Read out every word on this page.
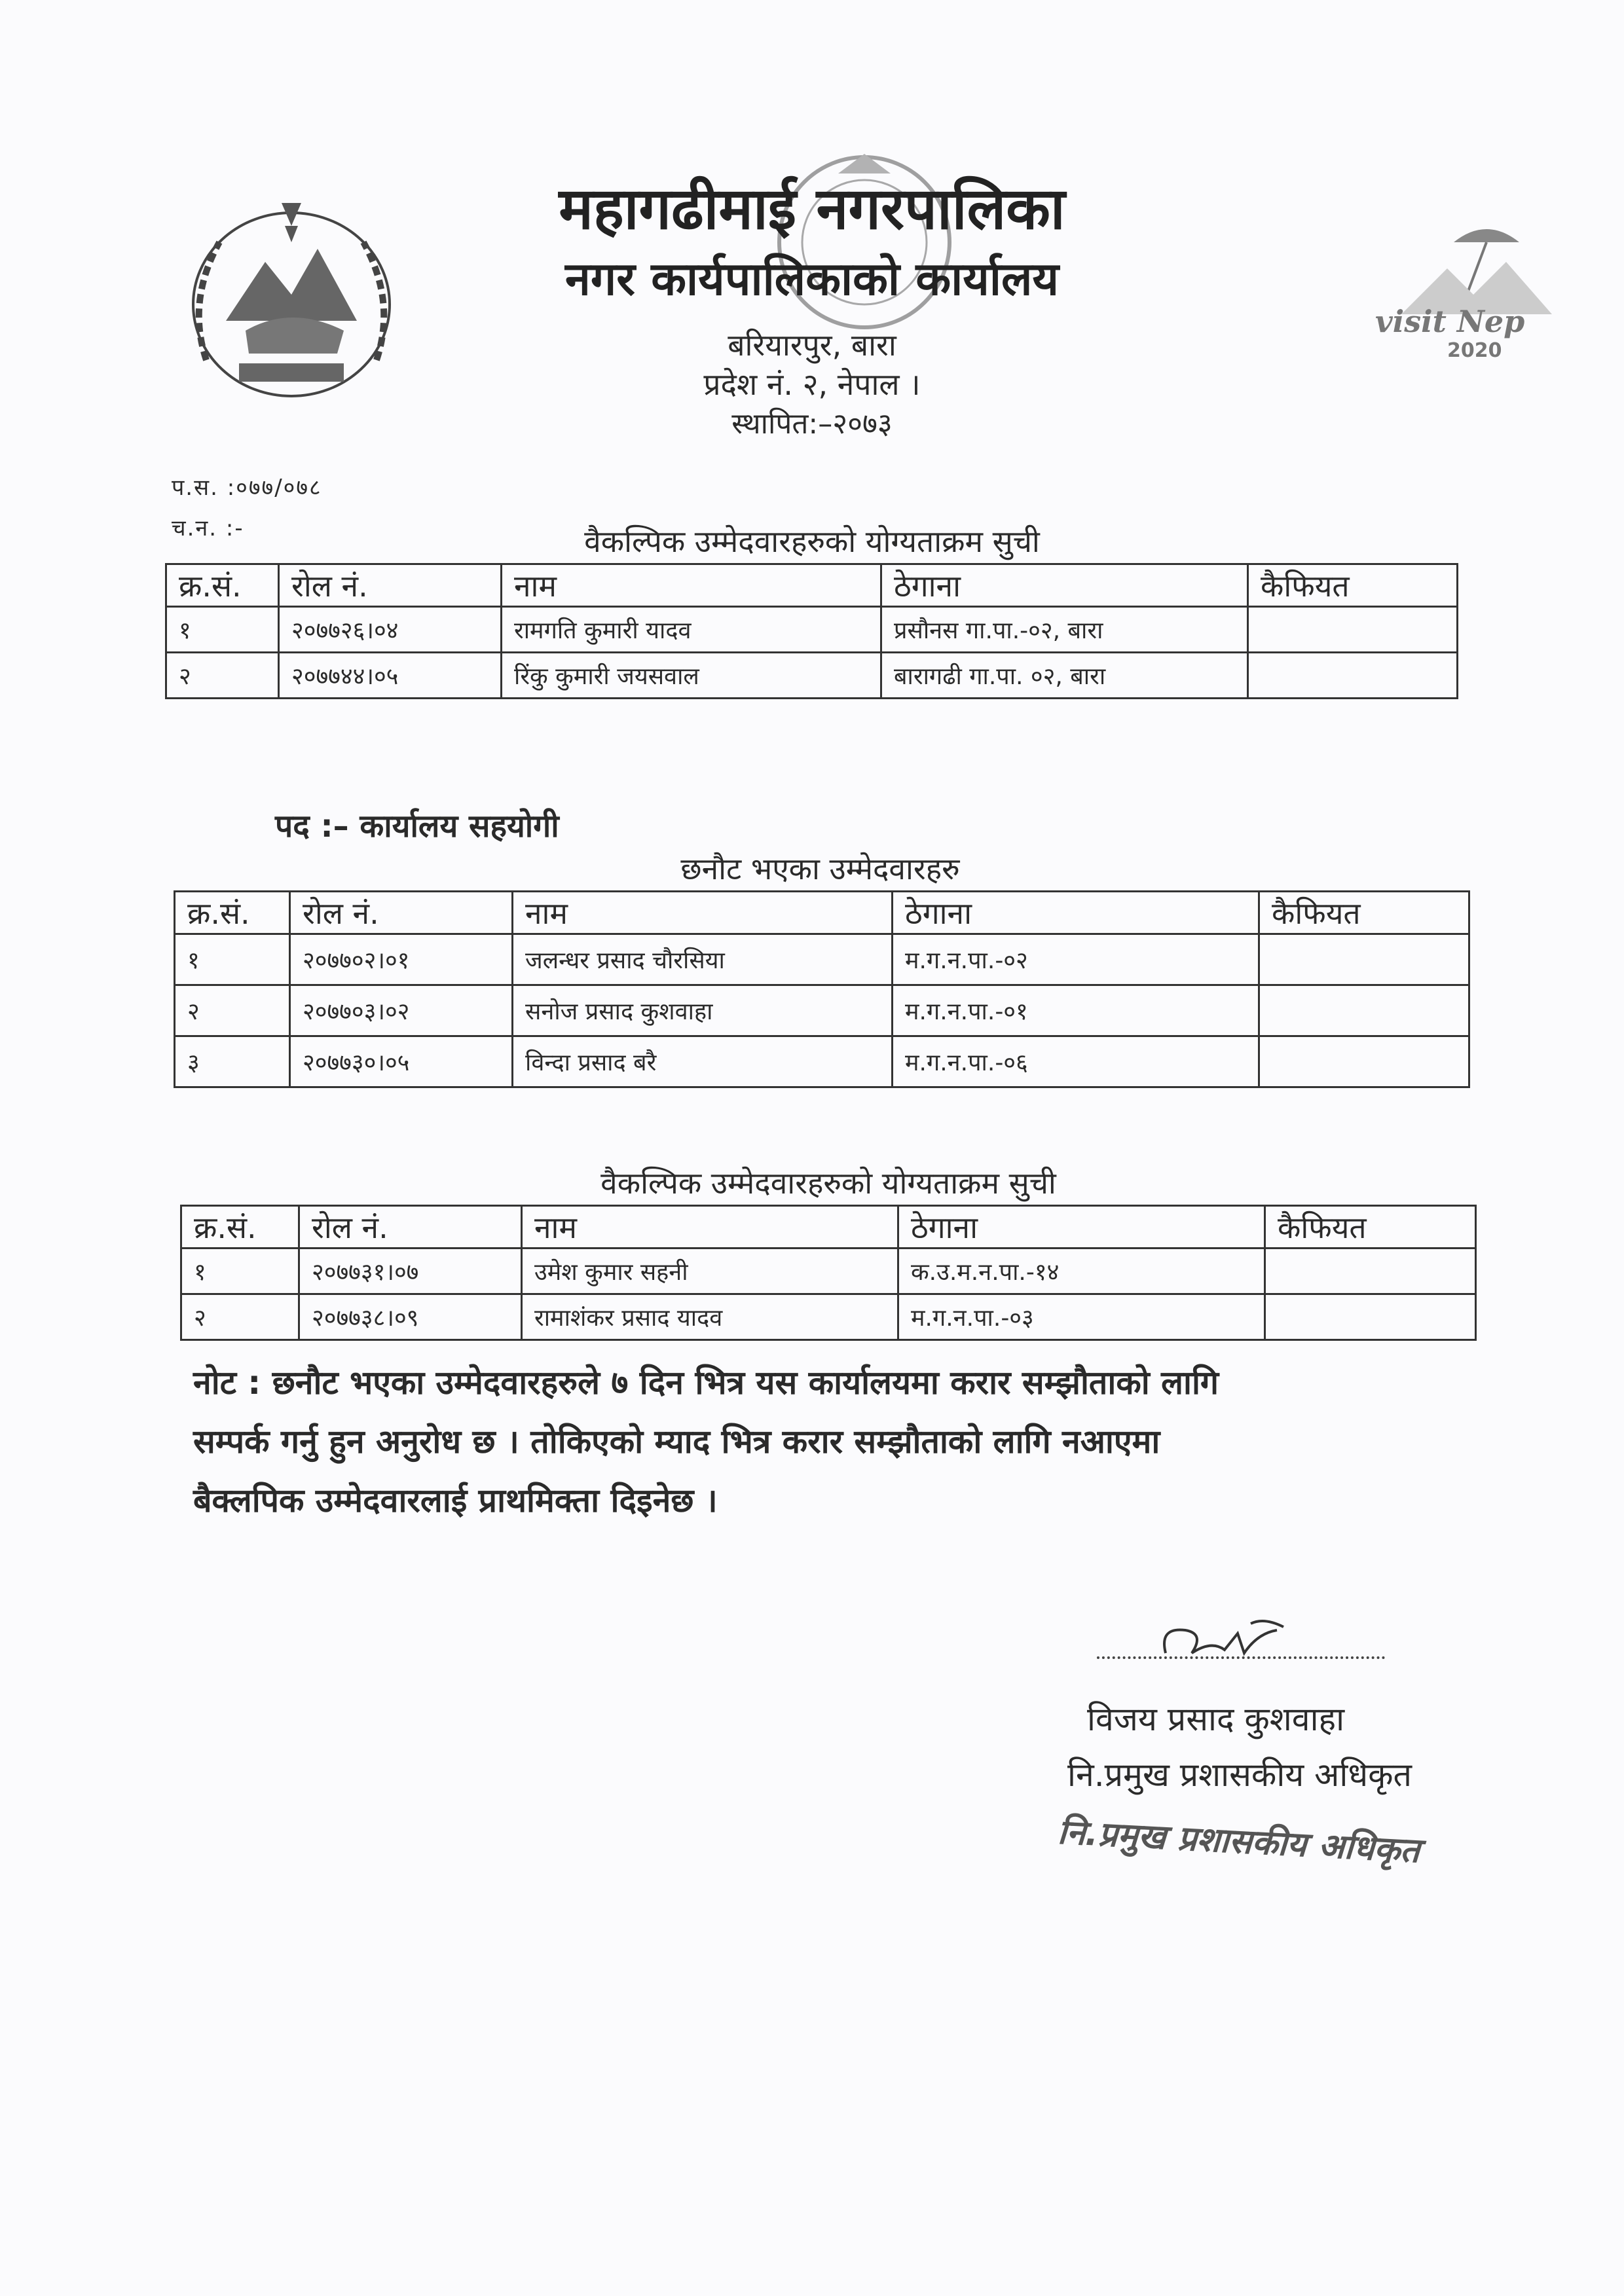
visit Nep
2020
महागढीमाई नगरपालिका
नगर कार्यपालिकाको कार्यालय
बरियारपुर, बारा
प्रदेश नं. २, नेपाल ।
स्थापित:–२०७३
प.स. :०७७/०७८
च.न. :-	वैकल्पिक उम्मेदवारहरुको योग्यताक्रम सुची
क्र.सं.	रोल नं.	नाम	ठेगाना	कैफियत
१	२०७७२६।०४	रामगति कुमारी यादव	प्रसौनस गा.पा.-०२, बारा	
२	२०७७४४।०५	रिंकु कुमारी जयसवाल	बारागढी गा.पा. ०२, बारा	
पद :– कार्यालय सहयोगी
छनौट भएका उम्मेदवारहरु
क्र.सं.	रोल नं.	नाम	ठेगाना	कैफियत
१	२०७७०२।०१	जलन्धर प्रसाद चौरसिया	म.ग.न.पा.-०२	
२	२०७७०३।०२	सनोज प्रसाद कुशवाहा	म.ग.न.पा.-०१	
३	२०७७३०।०५	विन्दा प्रसाद बरै	म.ग.न.पा.-०६	
वैकल्पिक उम्मेदवारहरुको योग्यताक्रम सुची
क्र.सं.	रोल नं.	नाम	ठेगाना	कैफियत
१	२०७७३१।०७	उमेश कुमार सहनी	क.उ.म.न.पा.-१४	
२	२०७७३८।०९	रामाशंकर प्रसाद यादव	म.ग.न.पा.-०३	
नोट : छनौट भएका उम्मेदवारहरुले ७ दिन भित्र यस कार्यालयमा करार सम्झौताको लागि
सम्पर्क गर्नु हुन अनुरोध छ । तोकिएको म्याद भित्र करार सम्झौताको लागि नआएमा
बैक्लपिक उम्मेदवारलाई प्राथमिक्ता दिइनेछ ।
विजय प्रसाद कुशवाहा
नि.प्रमुख प्रशासकीय अधिकृत
नि.प्रमुख प्रशासकीय अधिकृत
